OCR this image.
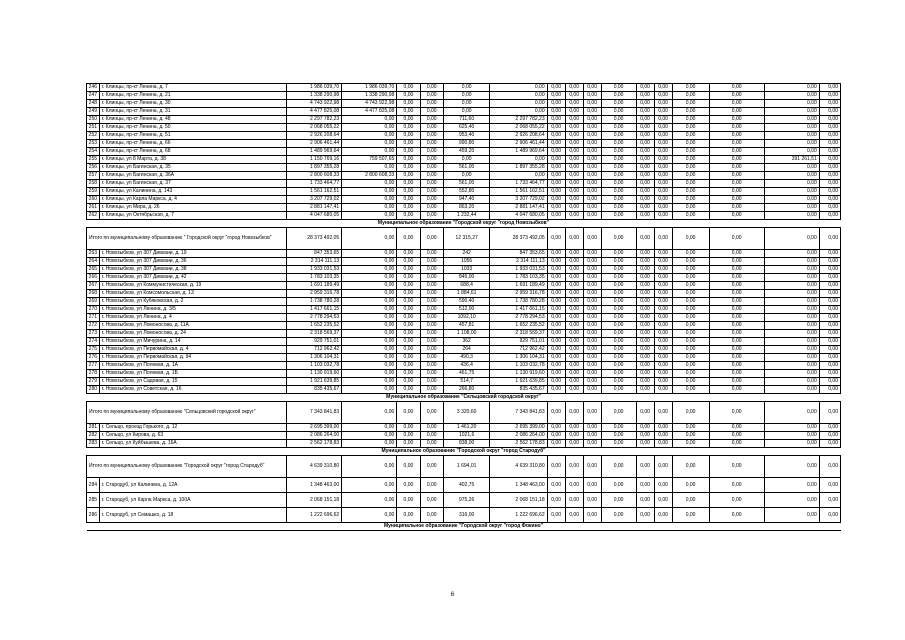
246	г. Клинцы, пр-кт Ленина, д. 7	1 986 039,70	1 986 039,70	0,00	0,00	0,00	0,00	0,00	0,00	0,00	0,00	0,00	0,00	0,00	0,00	0,00	0,00
247	г. Клинцы, пр-кт Ленина, д. 21	1 338 290,98	1 338 290,98	0,00	0,00	0,00	0,00	0,00	0,00	0,00	0,00	0,00	0,00	0,00	0,00	0,00	0,00
248	г. Клинцы, пр-кт Ленина, д. 30	4 743 922,98	4 743 922,98	0,00	0,00	0,00	0,00	0,00	0,00	0,00	0,00	0,00	0,00	0,00	0,00	0,00	0,00
249	г. Клинцы, пр-кт Ленина, д. 31	4 477 825,08	4 477 825,08	0,00	0,00	0,00	0,00	0,00	0,00	0,00	0,00	0,00	0,00	0,00	0,00	0,00	0,00
250	г. Клинцы, пр-кт Ленина, д. 48	2 297 782,23	0,00	0,00	0,00	711,60	2 297 782,23	0,00	0,00	0,00	0,00	0,00	0,00	0,00	0,00	0,00	0,00
251	г. Клинцы, пр-кт Ленина, д. 50	2 068 055,22	0,00	0,00	0,00	625,40	2 068 055,22	0,00	0,00	0,00	0,00	0,00	0,00	0,00	0,00	0,00	0,00
252	г. Клинцы, пр-кт Ленина, д. 51	2 926 208,64	0,00	0,00	0,00	953,40	2 926 208,64	0,00	0,00	0,00	0,00	0,00	0,00	0,00	0,00	0,00	0,00
253	г. Клинцы, пр-кт Ленина, д. 66	2 906 461,44	0,00	0,00	0,00	990,80	2 906 461,44	0,00	0,00	0,00	0,00	0,00	0,00	0,00	0,00	0,00	0,00
254	г. Клинцы, пр-кт Ленина, д. 68	1 489 969,64	0,00	0,00	0,00	459,20	1 489 969,64	0,00	0,00	0,00	0,00	0,00	0,00	0,00	0,00	0,00	0,00
255	г. Клинцы, ул 8 Марта, д. 38	1 150 769,16	759 507,65	0,00	0,00	0,00	0,00	0,00	0,00	0,00	0,00	0,00	0,00	0,00	0,00	391 261,51	0,00
256	г. Клинцы, ул Багинская, д. 35	1 897 355,28	0,00	0,00	0,00	561,00	1 897 355,28	0,00	0,00	0,00	0,00	0,00	0,00	0,00	0,00	0,00	0,00
257	г. Клинцы, ул Багинская, д. 36А	2 800 608,33	2 800 608,33	0,00	0,00	0,00	0,00	0,00	0,00	0,00	0,00	0,00	0,00	0,00	0,00	0,00	0,00
258	г. Клинцы, ул Багинская, д. 37	1 733 464,77	0,00	0,00	0,00	561,00	1 733 464,77	0,00	0,00	0,00	0,00	0,00	0,00	0,00	0,00	0,00	0,00
259	г. Клинцы, ул Калинина, д. 143	1 561 162,51	0,00	0,00	0,00	552,80	1 561 162,51	0,00	0,00	0,00	0,00	0,00	0,00	0,00	0,00	0,00	0,00
260	г. Клинцы, ул Карла Маркса, д. 4	3 207 729,02	0,00	0,00	0,00	947,40	3 207 729,02	0,00	0,00	0,00	0,00	0,00	0,00	0,00	0,00	0,00	0,00
261	г. Клинцы, ул Мира, д. 26	2 881 147,41	0,00	0,00	0,00	863,20	2 881 147,41	0,00	0,00	0,00	0,00	0,00	0,00	0,00	0,00	0,00	0,00
262	г. Клинцы, ул Октябрьская, д. 7	4 047 680,05	0,00	0,00	0,00	1 232,44	4 047 680,05	0,00	0,00	0,00	0,00	0,00	0,00	0,00	0,00	0,00	0,00
Муниципальное образование "Городской округ "город Новозыбков"																	
Итого по муниципальному образованию " Городской округ "город Новозыбков"		28 373 492,05	0,00	0,00	0,00	12 315,27	28 373 492,05	0,00	0,00	0,00	0,00	0,00	0,00	0,00	0,00	0,00	0,00
263	г. Новозыбков, ул 307 Дивизии, д. 19	847 353,65	0,00	0,00	0,00	242	847 353,65	0,00	0,00	0,00	0,00	0,00	0,00	0,00	0,00	0,00	0,00
264	г. Новозыбков, ул 307 Дивизии, д. 36	2 314 111,13	0,00	0,00	0,00	1056	2 314 111,13	0,00	0,00	0,00	0,00	0,00	0,00	0,00	0,00	0,00	0,00
265	г. Новозыбков, ул 307 Дивизии, д. 38	1 933 031,53	0,00	0,00	0,00	1033	1 933 031,53	0,00	0,00	0,00	0,00	0,00	0,00	0,00	0,00	0,00	0,00
266	г. Новозыбков, ул 307 Дивизии, д. 42	1 783 103,35	0,00	0,00	0,00	845,00	1 783 103,35	0,00	0,00	0,00	0,00	0,00	0,00	0,00	0,00	0,00	0,00
267	г. Новозыбков, ул Коммунистическая, д. 19	1 691 189,49	0,00	0,00	0,00	688,4	1 691 189,49	0,00	0,00	0,00	0,00	0,00	0,00	0,00	0,00	0,00	0,00
268	г. Новозыбков, ул Комсомольская, д. 13	2 959 316,78	0,00	0,00	0,00	1 884,61	2 959 316,78	0,00	0,00	0,00	0,00	0,00	0,00	0,00	0,00	0,00	0,00
269	г. Новозыбков, ул Кубяковская, д. 2	1 738 780,28	0,00	0,00	0,00	590,40	1 738 780,28	0,00	0,00	0,00	0,00	0,00	0,00	0,00	0,00	0,00	0,00
270	г. Новозыбков, ул Ленина, д. 3/5	1 417 661,15	0,00	0,00	0,00	512,00	1 417 661,15	0,00	0,00	0,00	0,00	0,00	0,00	0,00	0,00	0,00	0,00
271	г. Новозыбков, ул Ленина, д. 4	2 778 294,53	0,00	0,00	0,00	1092,10	2 778 294,53	0,00	0,00	0,00	0,00	0,00	0,00	0,00	0,00	0,00	0,00
272	г. Новозыбков, ул Ломоносова, д. 11А	1 652 235,52	0,00	0,00	0,00	457,81	1 652 235,52	0,00	0,00	0,00	0,00	0,00	0,00	0,00	0,00	0,00	0,00
273	г. Новозыбков, ул Ломоносова, д. 24	2 318 569,37	0,00	0,00	0,00	1 108,00	2 318 569,37	0,00	0,00	0,00	0,00	0,00	0,00	0,00	0,00	0,00	0,00
274	г. Новозыбков, ул Мичурина, д. 14	929 751,01	0,00	0,00	0,00	362	929 751,01	0,00	0,00	0,00	0,00	0,00	0,00	0,00	0,00	0,00	0,00
275	г. Новозыбков, ул Первомайская, д. 4	712 962,42	0,00	0,00	0,00	264	712 962,42	0,00	0,00	0,00	0,00	0,00	0,00	0,00	0,00	0,00	0,00
276	г. Новозыбков, ул Первомайская, д. 94	1 306 104,31	0,00	0,00	0,00	490,3	1 306 104,31	0,00	0,00	0,00	0,00	0,00	0,00	0,00	0,00	0,00	0,00
277	г. Новозыбков, ул Полевая, д. 1А	1 103 032,78	0,00	0,00	0,00	436,4	1 103 032,78	0,00	0,00	0,00	0,00	0,00	0,00	0,00	0,00	0,00	0,00
278	г. Новозыбков, ул Полевая, д. 1Б	1 130 919,60	0,00	0,00	0,00	461,75	1 130 919,60	0,00	0,00	0,00	0,00	0,00	0,00	0,00	0,00	0,00	0,00
279	г. Новозыбков, ул Садовая, д. 15	1 921 639,85	0,00	0,00	0,00	514,7	1 921 639,85	0,00	0,00	0,00	0,00	0,00	0,00	0,00	0,00	0,00	0,00
280	г. Новозыбков, ул Советская, д. 16	835 435,67	0,00	0,00	0,00	266,80	835 435,67	0,00	0,00	0,00	0,00	0,00	0,00	0,00	0,00	0,00	0,00
Муниципальное образование "Сельцовский городской округ"																	
Итого по муниципальному образованию "Сельцовский городской округ"		7 343 841,83	0,00	0,00	0,00	3 320,60	7 343 841,83	0,00	0,00	0,00	0,00	0,00	0,00	0,00	0,00	0,00	0,00
281	г. Сельцо, проезд Горького, д. 12	2 695 399,00	0,00	0,00	0,00	1 461,20	2 695 399,00	0,00	0,00	0,00	0,00	0,00	0,00	0,00	0,00	0,00	0,00
282	г. Сельцо, ул Кирова, д. 63	2 086 264,00	0,00	0,00	0,00	1021,6	2 086 264,00	0,00	0,00	0,00	0,00	0,00	0,00	0,00	0,00	0,00	0,00
283	г. Сельцо, ул Куйбышева, д. 16А	2 562 178,83	0,00	0,00	0,00	838,00	2 562 178,83	0,00	0,00	0,00	0,00	0,00	0,00	0,00	0,00	0,00	0,00
Муниципальное образование "Городской округ "город Стародуб"																	
Итого по муниципальному образованию "Городской округ "город Стародуб"		4 639 310,80	0,00	0,00	0,00	1 694,01	4 639 310,80	0,00	0,00	0,00	0,00	0,00	0,00	0,00	0,00	0,00	0,00
284	г. Стародуб, ул Калинина, д. 12А	1 348 463,00	0,00	0,00	0,00	402,75	1 348 463,00	0,00	0,00	0,00	0,00	0,00	0,00	0,00	0,00	0,00	0,00
285	г. Стародуб, ул Карла Маркса, д. 100А	2 068 151,18	0,00	0,00	0,00	975,26	2 068 151,18	0,00	0,00	0,00	0,00	0,00	0,00	0,00	0,00	0,00	0,00
286	г. Стародуб, ул Семашко, д. 18	1 222 696,62	0,00	0,00	0,00	316,00	1 222 696,62	0,00	0,00	0,00	0,00	0,00	0,00	0,00	0,00	0,00	0,00
Муниципальное образование "Городской округ "город Фокино"																	
6
